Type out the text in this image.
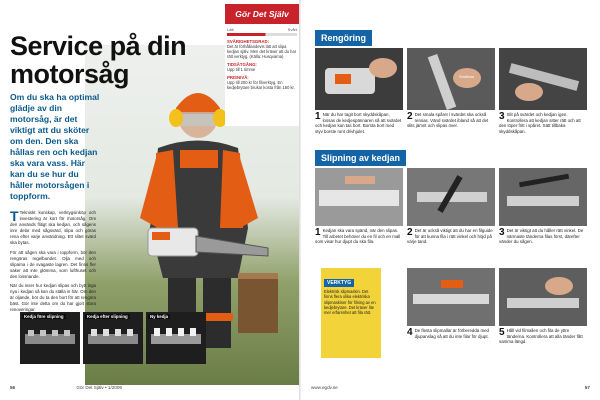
Service på din motorsåg
Om du ska ha optimal glädje av din motorsåg, är det viktigt att du sköter om den. Den ska hållas ren och kedjan ska vara vass. Här kan du se hur du håller motorsågen i toppform.

T Tekniskt kunskap, verktygsinköp och investering är kort för motorsåg. Om den används flitigt ska kedjan, och sågens inre delar med sågsvärd, slipa och göras rena efter varje användning. Ett slitet svärd ska bytas.

För att sågen ska vara i toppform, bör den rengöras regelbundet. Olja med och sliparna i de svagaste lagren. Det finns fler saker att inte glömma, som lufthuset och den lossnande.

När du inser hur kedjan slipas och bytt inga nya i kedjan så kan du ställa in här. Om den är oljande, bör du ta den bort för att rengöra bäst. Gör inte detta om du har gjort stora renoveringar.

Gör Det Själv
Lätt	Svårt
SVÅRIGHETSGRAD:
Det är förhållandevis lätt att slipa kedjan själv. Men det kräver att du har rätt verktyg. (Källa: Husqvarna)
TIDSÅTGÅNG:
Upp till 1 timme
PRISNIVÅ:
Upp till 200 kr för filverktyg. En kedjebrytare brukar kosta från 150 kr.
Kedja före slipning	Kedja efter slipning	Ny kedja
56	Gör Det Själv • 1/2009
Rengöring
Snubbar
1 När du har tagit bort skyddskåpan, lossas de kedjespännaren så att svärdet och kedjan kan tas bort. Borsta bort med styv borste runt drivhjulet.
2 Det smala spåret i svärdet ska också rensas. Vänd svärdet ibland så att det slits jämnt och slipas över.
3 Slit på svärdet och kedjan igen. Kontrollera att kedjan sitter rätt och att den löper fritt i spåret. Sätt tillbaka skyddskåpan.
Slipning av kedjan
1 Kedjan ska vara spänd, när den slipas. Till arbetet behöver du en fil och en mall som visar hur djupt du ska fila.
2 Det är också viktigt att du har en filguide för att kunna fila i rätt vinkel och höjd på varje tand.
3 Det är viktigt att du håller rätt vinkel. De närmaste tänderna filas först, därefter vänder du sågen.
VERKTYG
Elektrisk slipmaskin. Det finns flera olika elektriska slipmaskiner för filning av en kedjebrytare. Det kräver lite mer erfarenhet att fila rätt.
4 De flesta slipmallar är förberedda med djupanslag så att du inte filar för djupt.	5 Håll vid filmallen och fila de yttre tänderna. Kontrollera att alla tänder fått samma längd.
www.egdv.se	57
